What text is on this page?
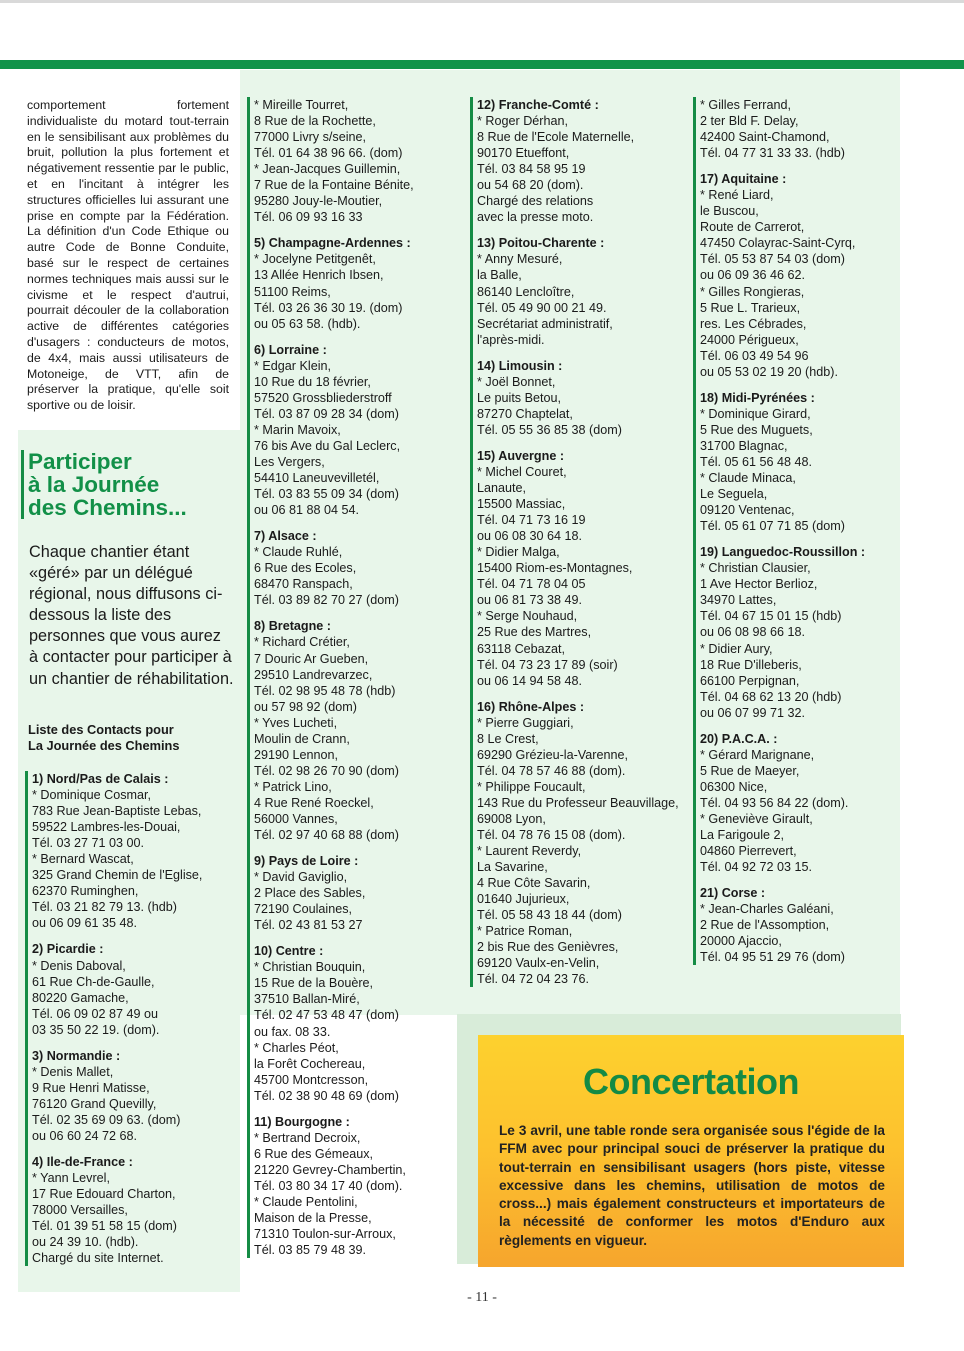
comportement fortement individualiste du motard tout-terrain en le sensibilisant aux problèmes du bruit, pollution la plus fortement et négativement ressentie par le public, et en l'incitant à intégrer les structures officielles lui assurant une prise en compte par la Fédération. La définition d'un Code Ethique ou autre Code de Bonne Conduite, basé sur le respect de certaines normes techniques mais aussi sur le civisme et le respect d'autrui, pourrait découler de la collaboration active de différentes catégories d'usagers : conducteurs de motos, de 4x4, mais aussi utilisateurs de Motoneige, de VTT, afin de préserver la pratique, qu'elle soit sportive ou de loisir.

Participer
à la Journée
des Chemins...

Chaque chantier étant «géré» par un délégué régional, nous diffusons ci-dessous la liste des personnes que vous aurez à contacter pour participer à un chantier de réhabilitation.

Liste des Contacts pour
La Journée des Chemins
1) Nord/Pas de Calais :
* Dominique Cosmar,
783 Rue Jean-Baptiste Lebas,
59522 Lambres-les-Douai,
Tél. 03 27 71 03 00.
* Bernard Wascat,
325 Grand Chemin de l'Eglise,
62370 Ruminghen,
Tél. 03 21 82 79 13. (hdb)
ou 06 09 61 35 48.
2) Picardie :
* Denis Daboval,
61 Rue Ch-de-Gaulle,
80220 Gamache,
Tél. 06 09 02 87 49 ou
03 35 50 22 19. (dom).
3) Normandie :
* Denis Mallet,
9 Rue Henri Matisse,
76120 Grand Quevilly,
Tél. 02 35 69 09 63. (dom)
ou 06 60 24 72 68.
4) Ile-de-France :
* Yann Levrel,
17 Rue Edouard Charton,
78000 Versailles,
Tél. 01 39 51 58 15 (dom)
ou 24 39 10. (hdb).
Chargé du site Internet.
* Mireille Tourret,
8 Rue de la Rochette,
77000 Livry s/seine,
Tél. 01 64 38 96 66. (dom)
* Jean-Jacques Guillemin,
7 Rue de la Fontaine Bénite,
95280 Jouy-le-Moutier,
Tél. 06 09 93 16 33
5) Champagne-Ardennes :
* Jocelyne Petitgenêt,
13 Allée Henrich Ibsen,
51100 Reims,
Tél. 03 26 36 30 19. (dom)
ou 05 63 58. (hdb).
6) Lorraine :
* Edgar Klein,
10 Rue du 18 février,
57520 Grossbliederstroff
Tél. 03 87 09 28 34 (dom)
* Marin Mavoix,
76 bis Ave du Gal Leclerc,
Les Vergers,
54410 Laneuvevilletél,
Tél. 03 83 55 09 34 (dom)
ou 06 81 88 04 54.
7) Alsace :
* Claude Ruhlé,
6 Rue des Ecoles,
68470 Ranspach,
Tél. 03 89 82 70 27 (dom)
8) Bretagne :
* Richard Crétier,
7 Douric Ar Gueben,
29510 Landrevarzec,
Tél. 02 98 95 48 78 (hdb)
ou 57 98 92 (dom)
* Yves Lucheti,
Moulin de Crann,
29190 Lennon,
Tél. 02 98 26 70 90 (dom)
* Patrick Lino,
4 Rue René Roeckel,
56000 Vannes,
Tél. 02 97 40 68 88 (dom)
9) Pays de Loire :
* David Gaviglio,
2 Place des Sables,
72190 Coulaines,
Tél. 02 43 81 53 27
10) Centre :
* Christian Bouquin,
15 Rue de la Bouère,
37510 Ballan-Miré,
Tél. 02 47 53 48 47 (dom)
ou fax. 08 33.
* Charles Péot,
la Forêt Cochereau,
45700 Montcresson,
Tél. 02 38 90 48 69 (dom)
11) Bourgogne :
* Bertrand Decroix,
6 Rue des Gémeaux,
21220 Gevrey-Chambertin,
Tél. 03 80 34 17 40 (dom).
* Claude Pentolini,
Maison de la Presse,
71310 Toulon-sur-Arroux,
Tél. 03 85 79 48 39.
12) Franche-Comté :
* Roger Dérhan,
8 Rue de l'Ecole Maternelle,
90170 Etueffont,
Tél. 03 84 58 95 19
ou 54 68 20 (dom).
Chargé des relations
avec la presse moto.
13) Poitou-Charente :
* Anny Mesuré,
la Balle,
86140 Lencloître,
Tél. 05 49 90 00 21 49.
Secrétariat administratif,
l'après-midi.
14) Limousin :
* Joël Bonnet,
Le puits Betou,
87270 Chaptelat,
Tél. 05 55 36 85 38 (dom)
15) Auvergne :
* Michel Couret,
Lanaute,
15500 Massiac,
Tél. 04 71 73 16 19
ou 06 08 30 64 18.
* Didier Malga,
15400 Riom-es-Montagnes,
Tél. 04 71 78 04 05
ou 06 81 73 38 49.
* Serge Nouhaud,
25 Rue des Martres,
63118 Cebazat,
Tél. 04 73 23 17 89 (soir)
ou 06 14 94 58 48.
16) Rhône-Alpes :
* Pierre Guggiari,
8 Le Crest,
69290 Grézieu-la-Varenne,
Tél. 04 78 57 46 88 (dom).
* Philippe Foucault,
143 Rue du Professeur Beauvillage,
69008 Lyon,
Tél. 04 78 76 15 08 (dom).
* Laurent Reverdy,
La Savarine,
4 Rue Côte Savarin,
01640 Jujurieux,
Tél. 05 58 43 18 44 (dom)
* Patrice Roman,
2 bis Rue des Genièvres,
69120 Vaulx-en-Velin,
Tél. 04 72 04 23 76.
* Gilles Ferrand,
2 ter Bld F. Delay,
42400 Saint-Chamond,
Tél. 04 77 31 33 33. (hdb)
17) Aquitaine :
* René Liard,
le Buscou,
Route de Carrerot,
47450 Colayrac-Saint-Cyrq,
Tél. 05 53 87 54 03 (dom)
ou 06 09 36 46 62.
* Gilles Rongieras,
5 Rue L. Trarieux,
res. Les Cébrades,
24000 Périgueux,
Tél. 06 03 49 54 96
ou 05 53 02 19 20 (hdb).
18) Midi-Pyrénées :
* Dominique Girard,
5 Rue des Muguets,
31700 Blagnac,
Tél. 05 61 56 48 48.
* Claude Minaca,
Le Seguela,
09120 Ventenac,
Tél. 05 61 07 71 85 (dom)
19) Languedoc-Roussillon :
* Christian Clausier,
1 Ave Hector Berlioz,
34970 Lattes,
Tél. 04 67 15 01 15 (hdb)
ou 06 08 98 66 18.
* Didier Aury,
18 Rue D'illeberis,
66100 Perpignan,
Tél. 04 68 62 13 20 (hdb)
ou 06 07 99 71 32.
20) P.A.C.A. :
* Gérard Marignane,
5 Rue de Maeyer,
06300 Nice,
Tél. 04 93 56 84 22 (dom).
* Geneviève Girault,
La Farigoule 2,
04860 Pierrevert,
Tél. 04 92 72 03 15.
21) Corse :
* Jean-Charles Galéani,
2 Rue de l'Assomption,
20000 Ajaccio,
Tél. 04 95 51 29 76 (dom)
Concertation

Le 3 avril, une table ronde sera organisée sous l'égide de la FFM avec pour principal souci de préserver la pratique du tout-terrain en sensibilisant usagers (hors piste, vitesse excessive dans les chemins, utilisation de motos de cross...) mais également constructeurs et importateurs de la nécessité de conformer les motos d'Enduro aux règlements en vigueur.

- 11 -
